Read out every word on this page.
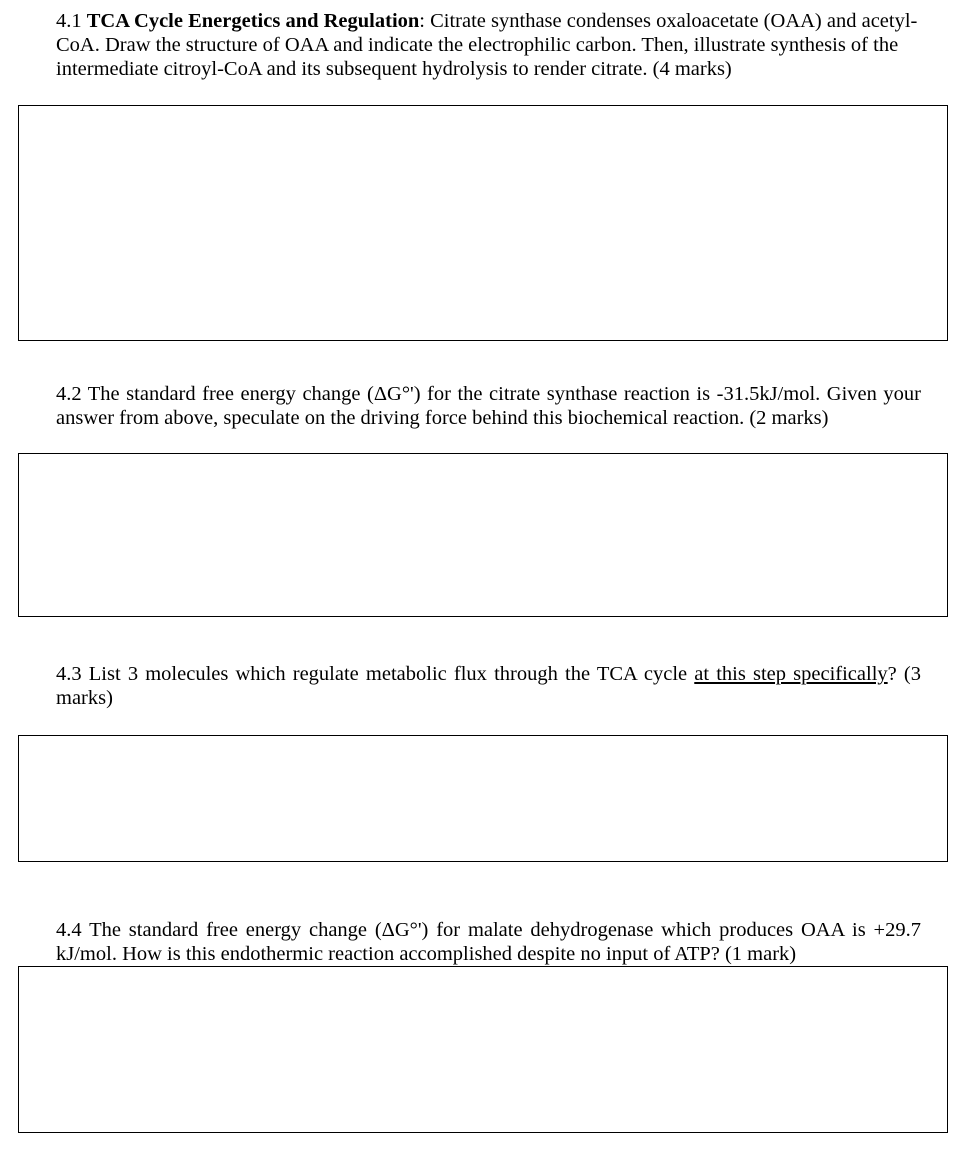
4.1 TCA Cycle Energetics and Regulation: Citrate synthase condenses oxaloacetate (OAA) and acetyl-CoA. Draw the structure of OAA and indicate the electrophilic carbon. Then, illustrate synthesis of the intermediate citroyl-CoA and its subsequent hydrolysis to render citrate. (4 marks)
4.2 The standard free energy change (ΔG°') for the citrate synthase reaction is -31.5kJ/mol. Given your answer from above, speculate on the driving force behind this biochemical reaction. (2 marks)
4.3 List 3 molecules which regulate metabolic flux through the TCA cycle at this step specifically? (3 marks)
4.4 The standard free energy change (ΔG°') for malate dehydrogenase which produces OAA is +29.7 kJ/mol. How is this endothermic reaction accomplished despite no input of ATP? (1 mark)
